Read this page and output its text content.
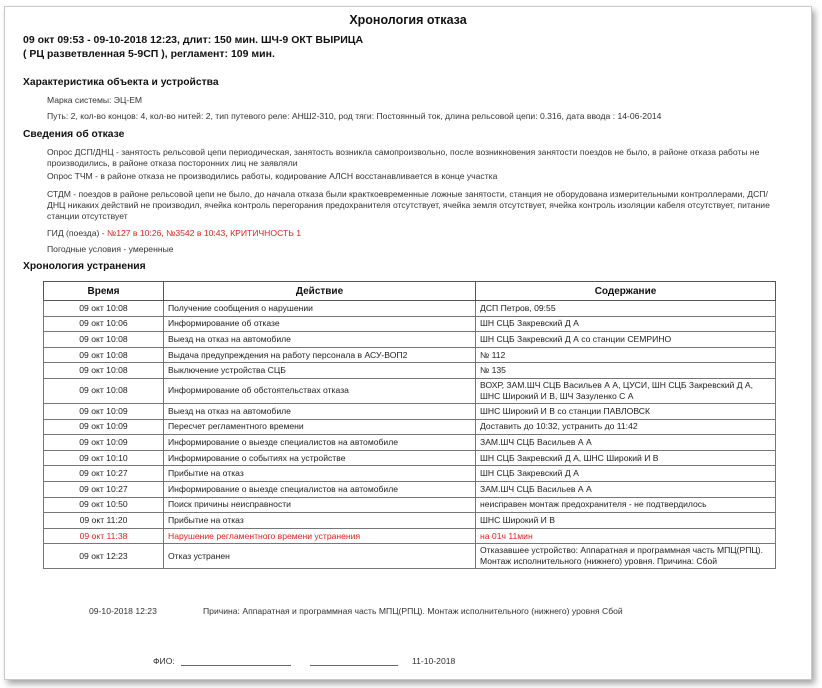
Хронология отказа
09 окт 09:53 - 09-10-2018 12:23, длит: 150 мин. ШЧ-9 ОКТ ВЫРИЦА
( РЦ разветвленная 5-9СП ), регламент: 109 мин.
Характеристика объекта и устройства
Марка системы: ЭЦ-ЕМ
Путь: 2, кол-во концов: 4, кол-во нитей: 2, тип путевого реле: АНШ2-310, род тяги: Постоянный ток, длина рельсовой цепи: 0.316, дата ввода : 14-06-2014
Сведения об отказе
Опрос ДСП/ДНЦ - занятость рельсовой цепи периодическая, занятость возникла самопроизвольно, после возникновения занятости поездов не было, в районе отказа работы не производились, в районе отказа посторонних лиц не заявляли
Опрос ТЧМ - в районе отказа не производились работы, кодирование АЛСН восстанавливается в конце участка
СТДМ - поездов в районе рельсовой цепи не было, до начала отказа были кракткоевременные ложные занятости, станция не оборудована измерительными контроллерами, ДСП/ДНЦ никаких действий не производил, ячейка контроль перегорания предохранителя отсутствует, ячейка земля отсутствует, ячейка контроль изоляции кабеля отсутствует, питание станции отсутствует
ГИД (поезда) - №127 в 10:26, №3542 в 10:43, КРИТИЧНОСТЬ 1
Погодные условия - умеренные
Хронология устранения
Время	Действие	Содержание
09 окт 10:08	Получение сообщения о нарушении	ДСП Петров, 09:55
09 окт 10:06	Информирование об отказе	ШН СЦБ Закревский Д А
09 окт 10:08	Выезд на отказ на автомобиле	ШН СЦБ Закревский Д А со станции СЕМРИНО
09 окт 10:08	Выдача предупреждения на работу персонала в АСУ-ВОП2	№ 112
09 окт 10:08	Выключение устройства СЦБ	№ 135
09 окт 10:08	Информирование об обстоятельствах отказа	ВОХР, ЗАМ.ШЧ СЦБ Васильев А А, ЦУСИ, ШН СЦБ Закревский Д А, ШНС Широкий И В, ШЧ Зазуленко С А
09 окт 10:09	Выезд на отказ на автомобиле	ШНС Широкий И В со станции ПАВЛОВСК
09 окт 10:09	Пересчет регламентного времени	Доставить до 10:32, устранить до 11:42
09 окт 10:09	Информирование о выезде специалистов на автомобиле	ЗАМ.ШЧ СЦБ Васильев А А
09 окт 10:10	Информирование о событиях на устройстве	ШН СЦБ Закревский Д А, ШНС Широкий И В
09 окт 10:27	Прибытие на отказ	ШН СЦБ Закревский Д А
09 окт 10:27	Информирование о выезде специалистов на автомобиле	ЗАМ.ШЧ СЦБ Васильев А А
09 окт 10:50	Поиск причины неисправности	неисправен монтаж предохранителя - не подтвердилось
09 окт 11:20	Прибытие на отказ	ШНС Широкий И В
09 окт 11:38	Нарушение регламентного времени устранения	на 01ч 11мин
09 окт 12:23	Отказ устранен	Отказавшее устройство: Аппаратная и программная часть МПЦ(РПЦ). Монтаж исполнительного (нижнего) уровня. Причина: Сбой
09-10-2018 12:23	Причина: Аппаратная и программная часть МПЦ(РПЦ). Монтаж исполнительного (нижнего) уровня Сбой
ФИО:	11-10-2018
